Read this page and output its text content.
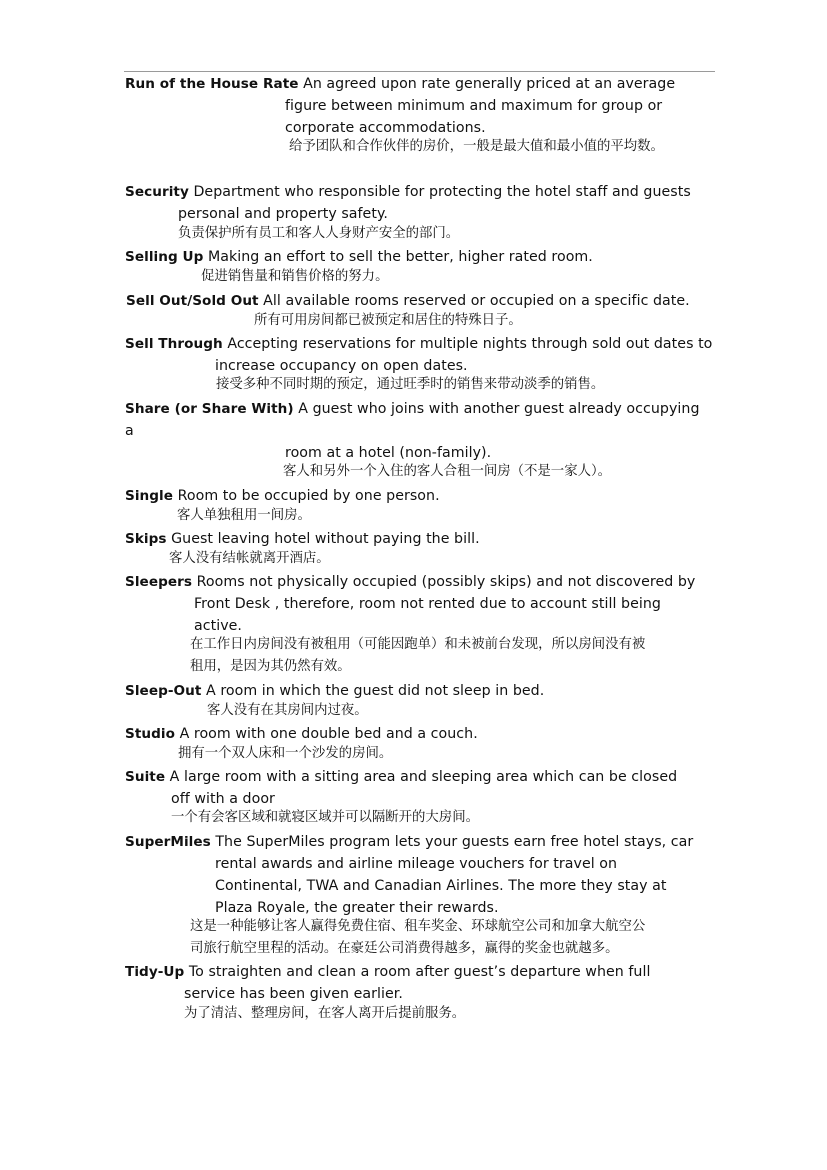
Run of the House Rate An agreed upon rate generally priced at an average
figure between minimum and maximum for group or
corporate accommodations.
给予团队和合作伙伴的房价，一般是最大值和最小值的平均数。
Security Department who responsible for protecting the hotel staff and guests
personal and property safety.
负责保护所有员工和客人人身财产安全的部门。
Selling Up Making an effort to sell the better, higher rated room.
促进销售量和销售价格的努力。
Sell Out/Sold Out All available rooms reserved or occupied on a specific date.
所有可用房间都已被预定和居住的特殊日子。
Sell Through Accepting reservations for multiple nights through sold out dates to
increase occupancy on open dates.
接受多种不同时期的预定，通过旺季时的销售来带动淡季的销售。
Share (or Share With) A guest who joins with another guest already occupying
a
room at a hotel (non-family).
客人和另外一个入住的客人合租一间房（不是一家人）。
Single Room to be occupied by one person.
客人单独租用一间房。
Skips Guest leaving hotel without paying the bill.
客人没有结帐就离开酒店。
Sleepers Rooms not physically occupied (possibly skips) and not discovered by
Front Desk , therefore, room not rented due to account still being
active.
在工作日内房间没有被租用（可能因跑单）和未被前台发现，所以房间没有被
租用，是因为其仍然有效。
Sleep-Out A room in which the guest did not sleep in bed.
客人没有在其房间内过夜。
Studio A room with one double bed and a couch.
拥有一个双人床和一个沙发的房间。
Suite A large room with a sitting area and sleeping area which can be closed
off with a door
一个有会客区域和就寝区域并可以隔断开的大房间。
SuperMiles The SuperMiles program lets your guests earn free hotel stays, car
rental awards and airline mileage vouchers for travel on
Continental, TWA and Canadian Airlines. The more they stay at
Plaza Royale, the greater their rewards.
这是一种能够让客人赢得免费住宿、租车奖金、环球航空公司和加拿大航空公
司旅行航空里程的活动。在豪廷公司消费得越多，赢得的奖金也就越多。
Tidy-Up To straighten and clean a room after guest’s departure when full
service has been given earlier.
为了清洁、整理房间，在客人离开后提前服务。
